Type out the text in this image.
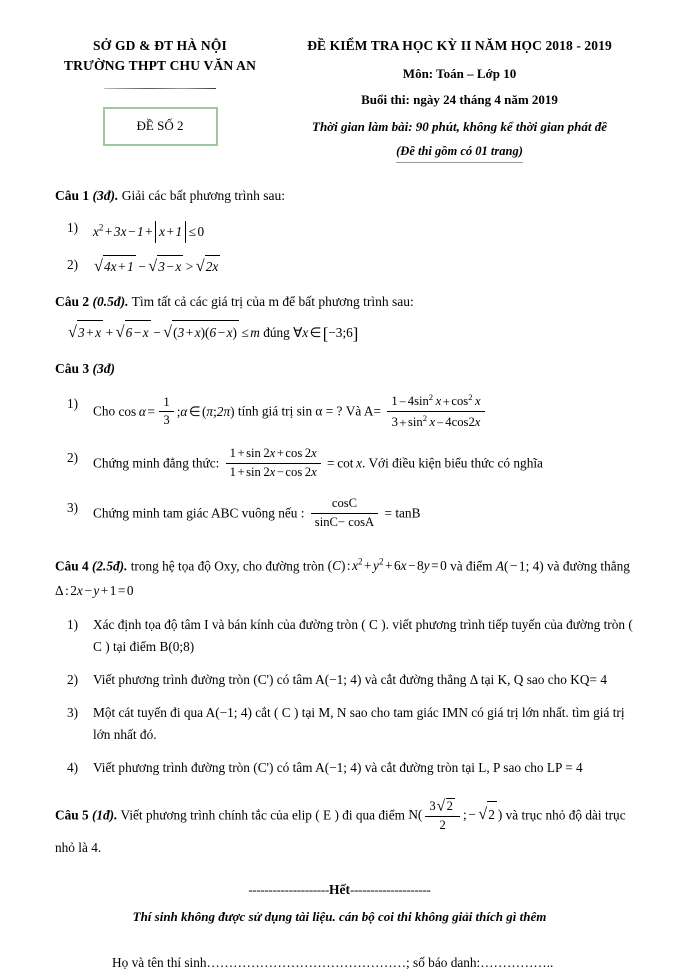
SỞ GD & ĐT HÀ NỘI
TRƯỜNG THPT CHU VĂN AN
ĐỀ SỐ 2
ĐỀ KIỂM TRA HỌC KỲ II NĂM HỌC 2018 - 2019
Môn: Toán – Lớp 10
Buổi thi: ngày 24 tháng 4 năm 2019
Thời gian làm bài: 90 phút, không kể thời gian phát đề
(Đề thi gồm có 01 trang)
Câu 1 (3đ). Giải các bất phương trình sau:
1) $x^2 + 3x - 1 + x + 1 \le 0$
2) √ 4x + 1 − √ 3 − x > √ 2x
Câu 2 (0.5đ). Tìm tất cả các giá trị của m để bất phương trình sau:
√ 3 + x + √ 6 − x − √ (3 + x)(6 − x) ≤ m đúng ∀x ∈[−3;6]
Câu 3 (3đ)
1)
Cho $\cos \alpha = \frac{1}{3}$ ;α ∈ (π;2π) tính giá trị sin α = ? Và $A= \frac{1 - 4\sin^2 x + \cos^2 x}{3 + \sin^2 x - 4\cos 2x}$
2) Chứng minh đẳng thức: $\frac{1 + \sin 2x + \cos 2x}{1 + \sin 2x - \cos 2x} = \cot x$. Với điều kiện biểu thức có nghĩa
3) Chứng minh tam giác ABC vuông nếu : $\frac{\cos C}{\sin C- \cos A} = \tan B$
Câu 4 (2.5đ). trong hệ tọa độ Oxy, cho đường tròn (C) : $x^2 + y^2 + 6x - 8y = 0$ và điểm A( − 1; 4) và đường thẳng Δ : 2x − y + 1 = 0
1) Xác định tọa độ tâm I và bán kính của đường tròn ( C ). viết phương trình tiếp tuyến của đường tròn ( C ) tại điểm B(0;8)
2) Viết phương trình đường tròn (C') có tâm A(−1; 4) và cắt đường thẳng Δ tại K, Q sao cho KQ= 4
3) Một cát tuyến đi qua A(−1; 4) cắt ( C ) tại M, N sao cho tam giác IMN có giá trị lớn nhất. tìm giá trị lớn nhất đó.
4) Viết phương trình đường tròn (C') có tâm A(−1; 4) và cắt đường tròn tại L, P sao cho LP = 4
Câu 5 (1đ). Viết phương trình chính tắc của elip ( E ) đi qua điểm $N( \frac{3 √ 2}{2}$ ; − √ 2 ) và trục nhỏ độ dài trục nhỏ là 4.
--------------------Hết--------------------
Thí sinh không được sử dụng tài liệu. cán bộ coi thi không giải thích gì thêm
Họ và tên thí sinh………………………………………; số báo danh:……………..
